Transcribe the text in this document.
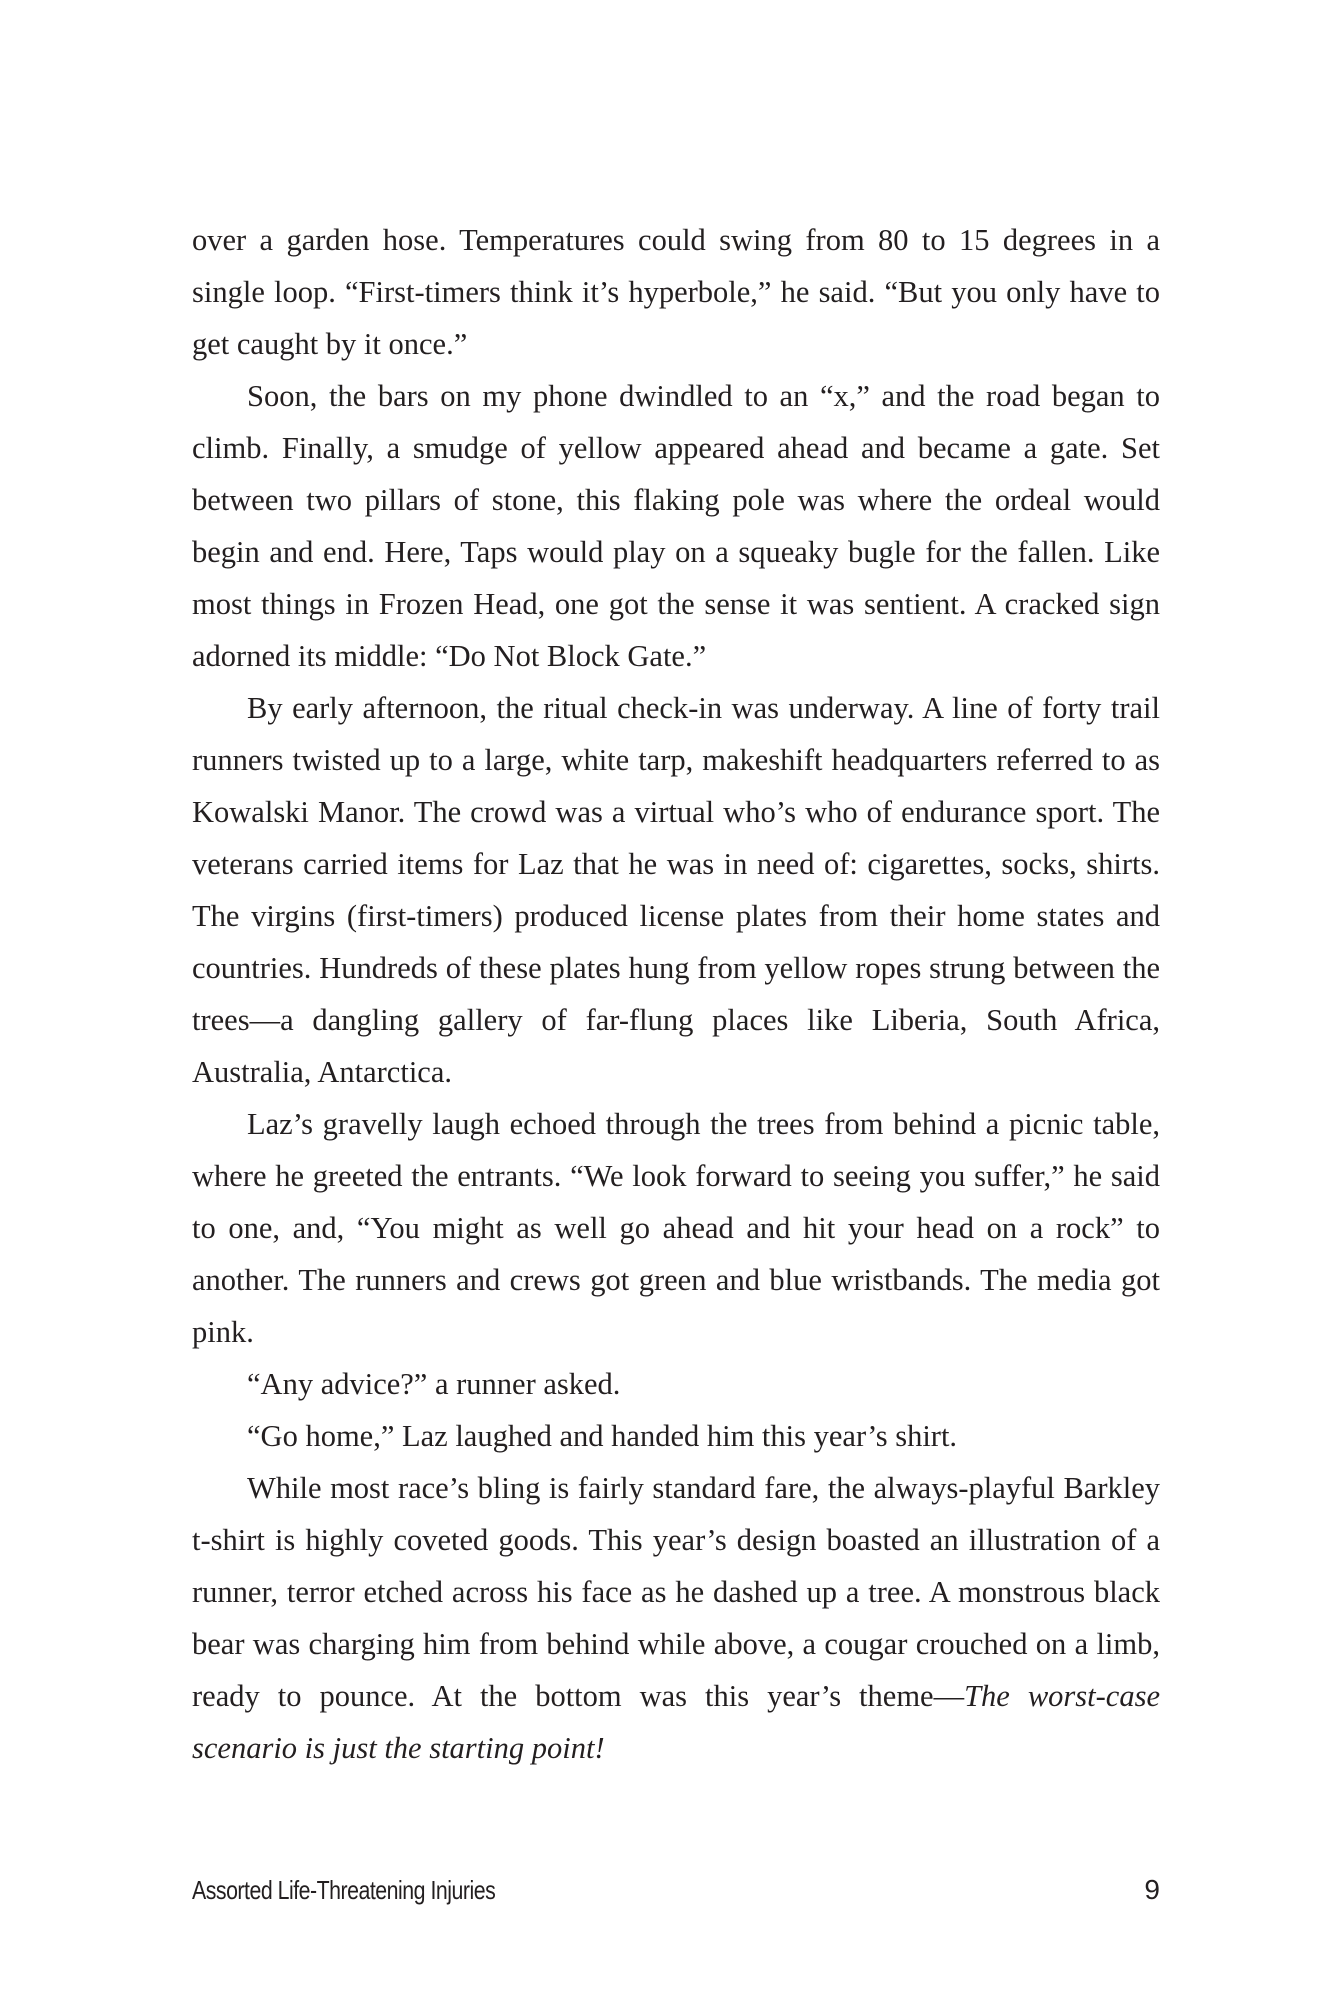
over a garden hose. Temperatures could swing from 80 to 15 degrees in a single loop. “First-timers think it’s hyperbole,” he said. “But you only have to get caught by it once.”

Soon, the bars on my phone dwindled to an “x,” and the road began to climb. Finally, a smudge of yellow appeared ahead and became a gate. Set between two pillars of stone, this flaking pole was where the ordeal would begin and end. Here, Taps would play on a squeaky bugle for the fallen. Like most things in Frozen Head, one got the sense it was sentient. A cracked sign adorned its middle: “Do Not Block Gate.”

By early afternoon, the ritual check-in was underway. A line of forty trail runners twisted up to a large, white tarp, makeshift headquarters referred to as Kowalski Manor. The crowd was a virtual who’s who of endurance sport. The veterans carried items for Laz that he was in need of: cigarettes, socks, shirts. The virgins (first-timers) produced license plates from their home states and countries. Hundreds of these plates hung from yellow ropes strung between the trees—a dangling gallery of far-flung places like Liberia, South Africa, Australia, Antarctica.

Laz’s gravelly laugh echoed through the trees from behind a picnic table, where he greeted the entrants. “We look forward to seeing you suffer,” he said to one, and, “You might as well go ahead and hit your head on a rock” to another. The runners and crews got green and blue wristbands. The media got pink.

“Any advice?” a runner asked.

“Go home,” Laz laughed and handed him this year’s shirt.

While most race’s bling is fairly standard fare, the always-playful Barkley t-shirt is highly coveted goods. This year’s design boasted an illustration of a runner, terror etched across his face as he dashed up a tree. A monstrous black bear was charging him from behind while above, a cougar crouched on a limb, ready to pounce. At the bottom was this year’s theme—The worst-case scenario is just the starting point!

Assorted Life-Threatening Injuries	9
